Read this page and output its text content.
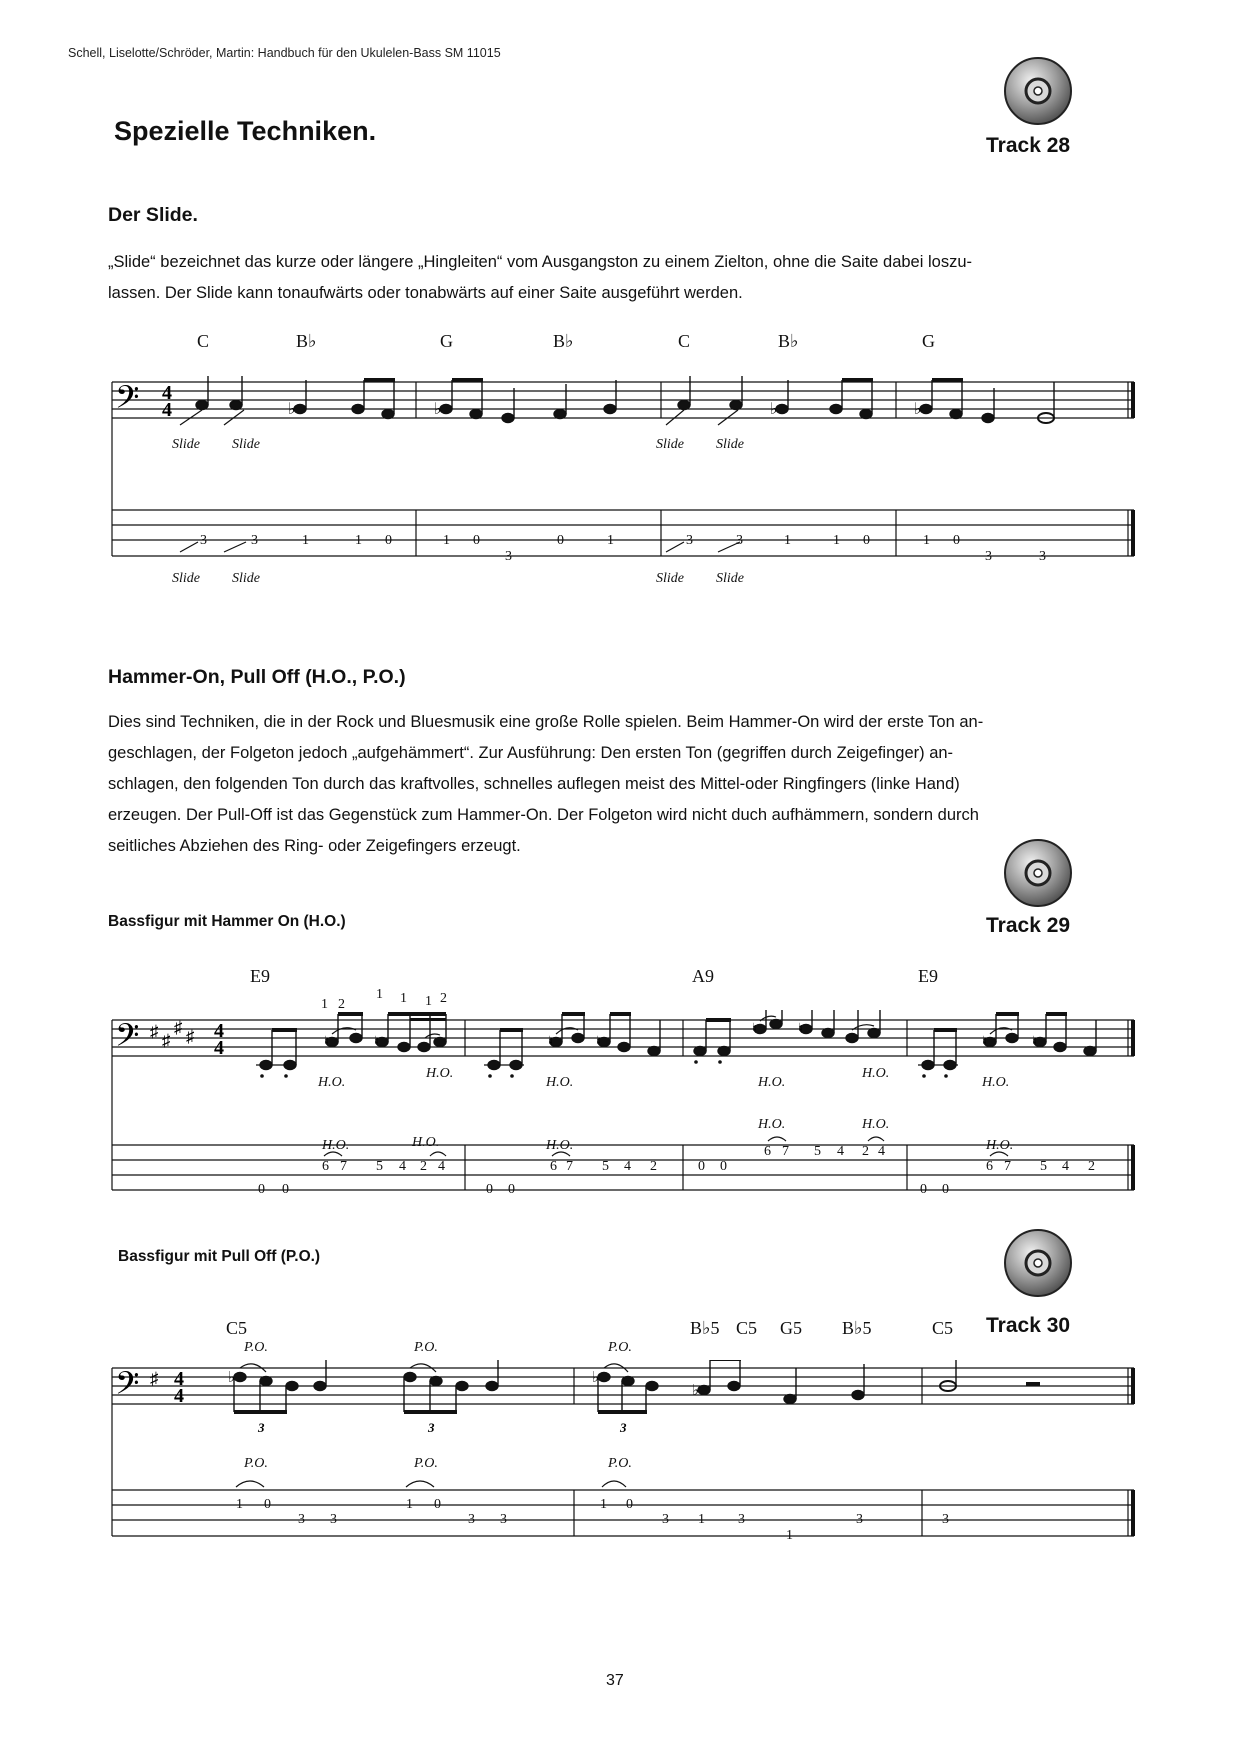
Schell, Liselotte/Schröder, Martin: Handbuch für den Ukulelen-Bass SM 11015
Spezielle Techniken.	Track 28
Der Slide.

„Slide“ bezeichnet das kurze oder längere „Hingleiten“ vom Ausgangston zu einem Zielton, ohne die Saite dabei loszu-

lassen. Der Slide kann tonaufwärts oder tonabwärts auf einer Saite ausgeführt werden.

C	B♭	G	B♭	C	B♭	G
𝄢 4
4	♭	♭	♭	♭
Slide Slide	Slide Slide
3	3	1	1 0	1 0
3
0	1	3	3	1	1 0	1 0
3	3
Slide Slide	Slide Slide
Hammer-On, Pull Off (H.O., P.O.)

Dies sind Techniken, die in der Rock und Bluesmusik eine große Rolle spielen. Beim Hammer-On wird der erste Ton an-

geschlagen, der Folgeton jedoch „aufgehämmert“. Zur Ausführung: Den ersten Ton (gegriffen durch Zeigefinger) an-

schlagen, den folgenden Ton durch das kraftvolles, schnelles auflegen meist des Mittel-oder Ringfingers (linke Hand)

erzeugen. Der Pull-Off ist das Gegenstück zum Hammer-On. Der Folgeton wird nicht duch aufhämmern, sondern durch

seitliches Abziehen des Ring- oder Zeigefingers erzeugt.

Bassfigur mit Hammer On (H.O.)	Track 29
E9	A9	E9
1 2
1 1 1 2
𝄢 ♯ ♯
♯ ♯ 4
4	♮	♮
♮	♮
♮	♮
♮	♮
H.O.
H.O.
H.O.	H.O.
H.O.
H.O.
H.O.	H.O.
H.O.	H.O.	H.O.	H.O.
6 7 5 4 2 4	6 7 5 4 2
6 7 5 4 2 4
6 7 5 4 2
0 0	0 0
0 0
0 0
Bassfigur mit Pull Off (P.O.)
Track 30
C5	B♭5 C5 G5 B♭5	C5
P.O.	P.O.	P.O.
𝄢 ♯ 4
4
♭	♭
♭
3	3	3
P.O.	P.O.	P.O.
1 0
3 3
1 0
3 3
1 0
3 1 3
1
3	3
37
